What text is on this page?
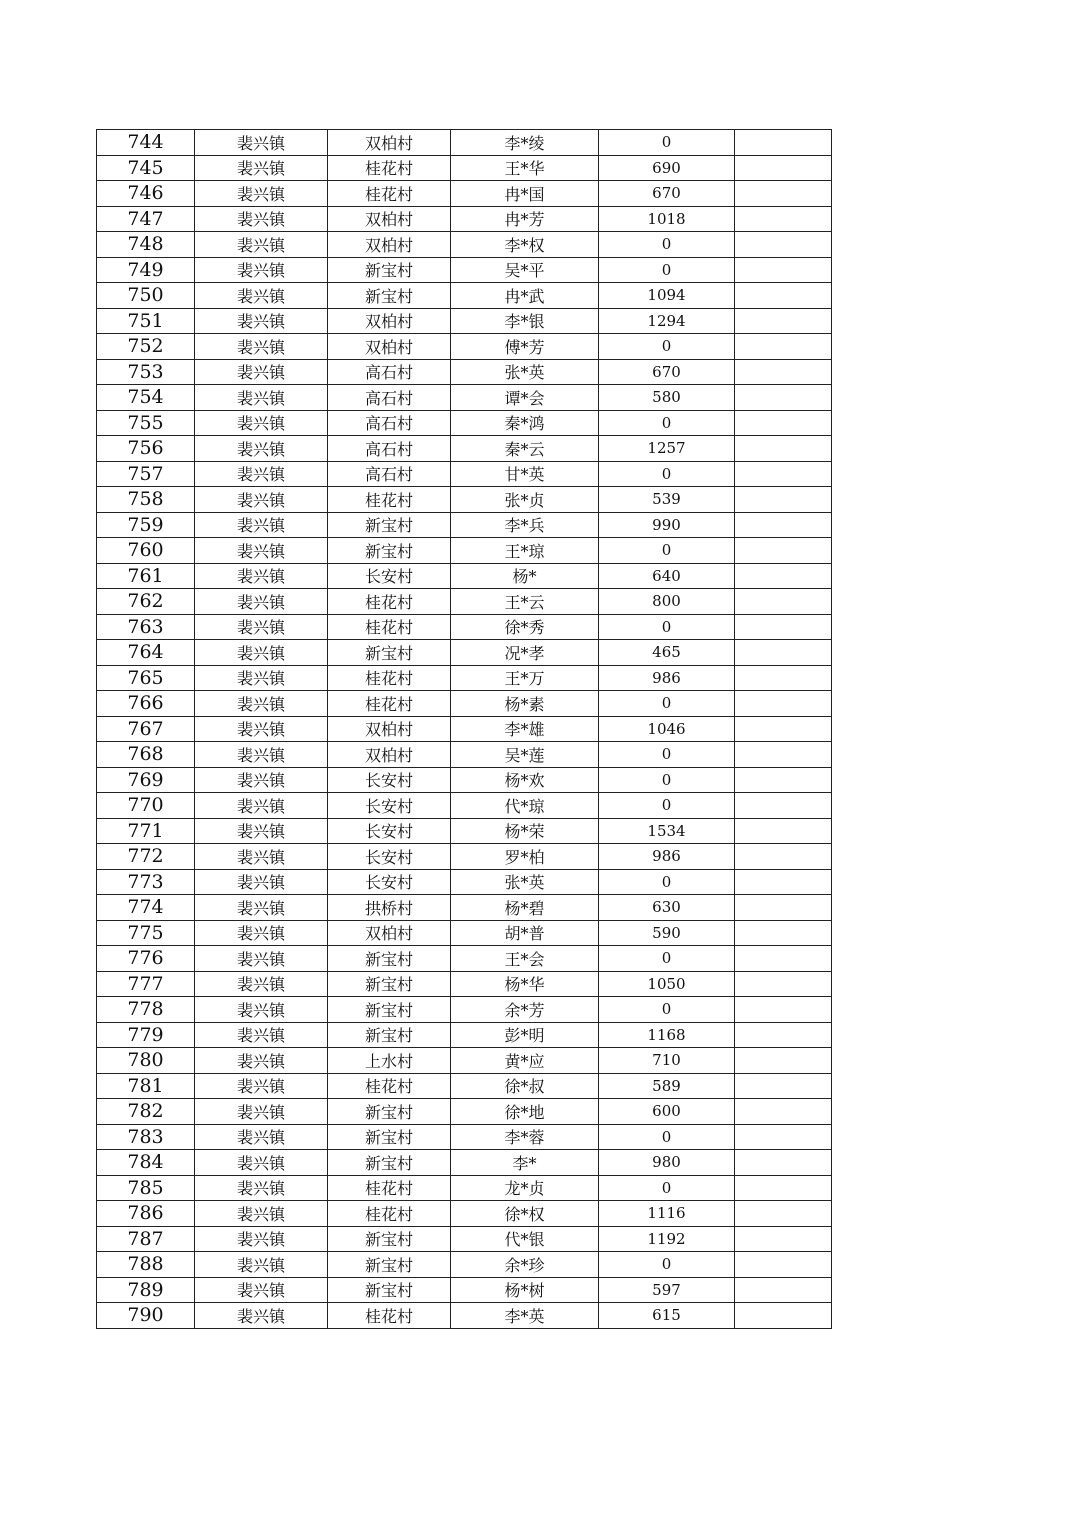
744	裴兴镇	双柏村	李*绫	0	
745	裴兴镇	桂花村	王*华	690	
746	裴兴镇	桂花村	冉*国	670	
747	裴兴镇	双柏村	冉*芳	1018	
748	裴兴镇	双柏村	李*权	0	
749	裴兴镇	新宝村	吴*平	0	
750	裴兴镇	新宝村	冉*武	1094	
751	裴兴镇	双柏村	李*银	1294	
752	裴兴镇	双柏村	傅*芳	0	
753	裴兴镇	高石村	张*英	670	
754	裴兴镇	高石村	谭*会	580	
755	裴兴镇	高石村	秦*鸿	0	
756	裴兴镇	高石村	秦*云	1257	
757	裴兴镇	高石村	甘*英	0	
758	裴兴镇	桂花村	张*贞	539	
759	裴兴镇	新宝村	李*兵	990	
760	裴兴镇	新宝村	王*琼	0	
761	裴兴镇	长安村	杨*	640	
762	裴兴镇	桂花村	王*云	800	
763	裴兴镇	桂花村	徐*秀	0	
764	裴兴镇	新宝村	况*孝	465	
765	裴兴镇	桂花村	王*万	986	
766	裴兴镇	桂花村	杨*素	0	
767	裴兴镇	双柏村	李*雄	1046	
768	裴兴镇	双柏村	吴*莲	0	
769	裴兴镇	长安村	杨*欢	0	
770	裴兴镇	长安村	代*琼	0	
771	裴兴镇	长安村	杨*荣	1534	
772	裴兴镇	长安村	罗*柏	986	
773	裴兴镇	长安村	张*英	0	
774	裴兴镇	拱桥村	杨*碧	630	
775	裴兴镇	双柏村	胡*普	590	
776	裴兴镇	新宝村	王*会	0	
777	裴兴镇	新宝村	杨*华	1050	
778	裴兴镇	新宝村	余*芳	0	
779	裴兴镇	新宝村	彭*明	1168	
780	裴兴镇	上水村	黄*应	710	
781	裴兴镇	桂花村	徐*叔	589	
782	裴兴镇	新宝村	徐*地	600	
783	裴兴镇	新宝村	李*蓉	0	
784	裴兴镇	新宝村	李*	980	
785	裴兴镇	桂花村	龙*贞	0	
786	裴兴镇	桂花村	徐*权	1116	
787	裴兴镇	新宝村	代*银	1192	
788	裴兴镇	新宝村	余*珍	0	
789	裴兴镇	新宝村	杨*树	597	
790	裴兴镇	桂花村	李*英	615	
